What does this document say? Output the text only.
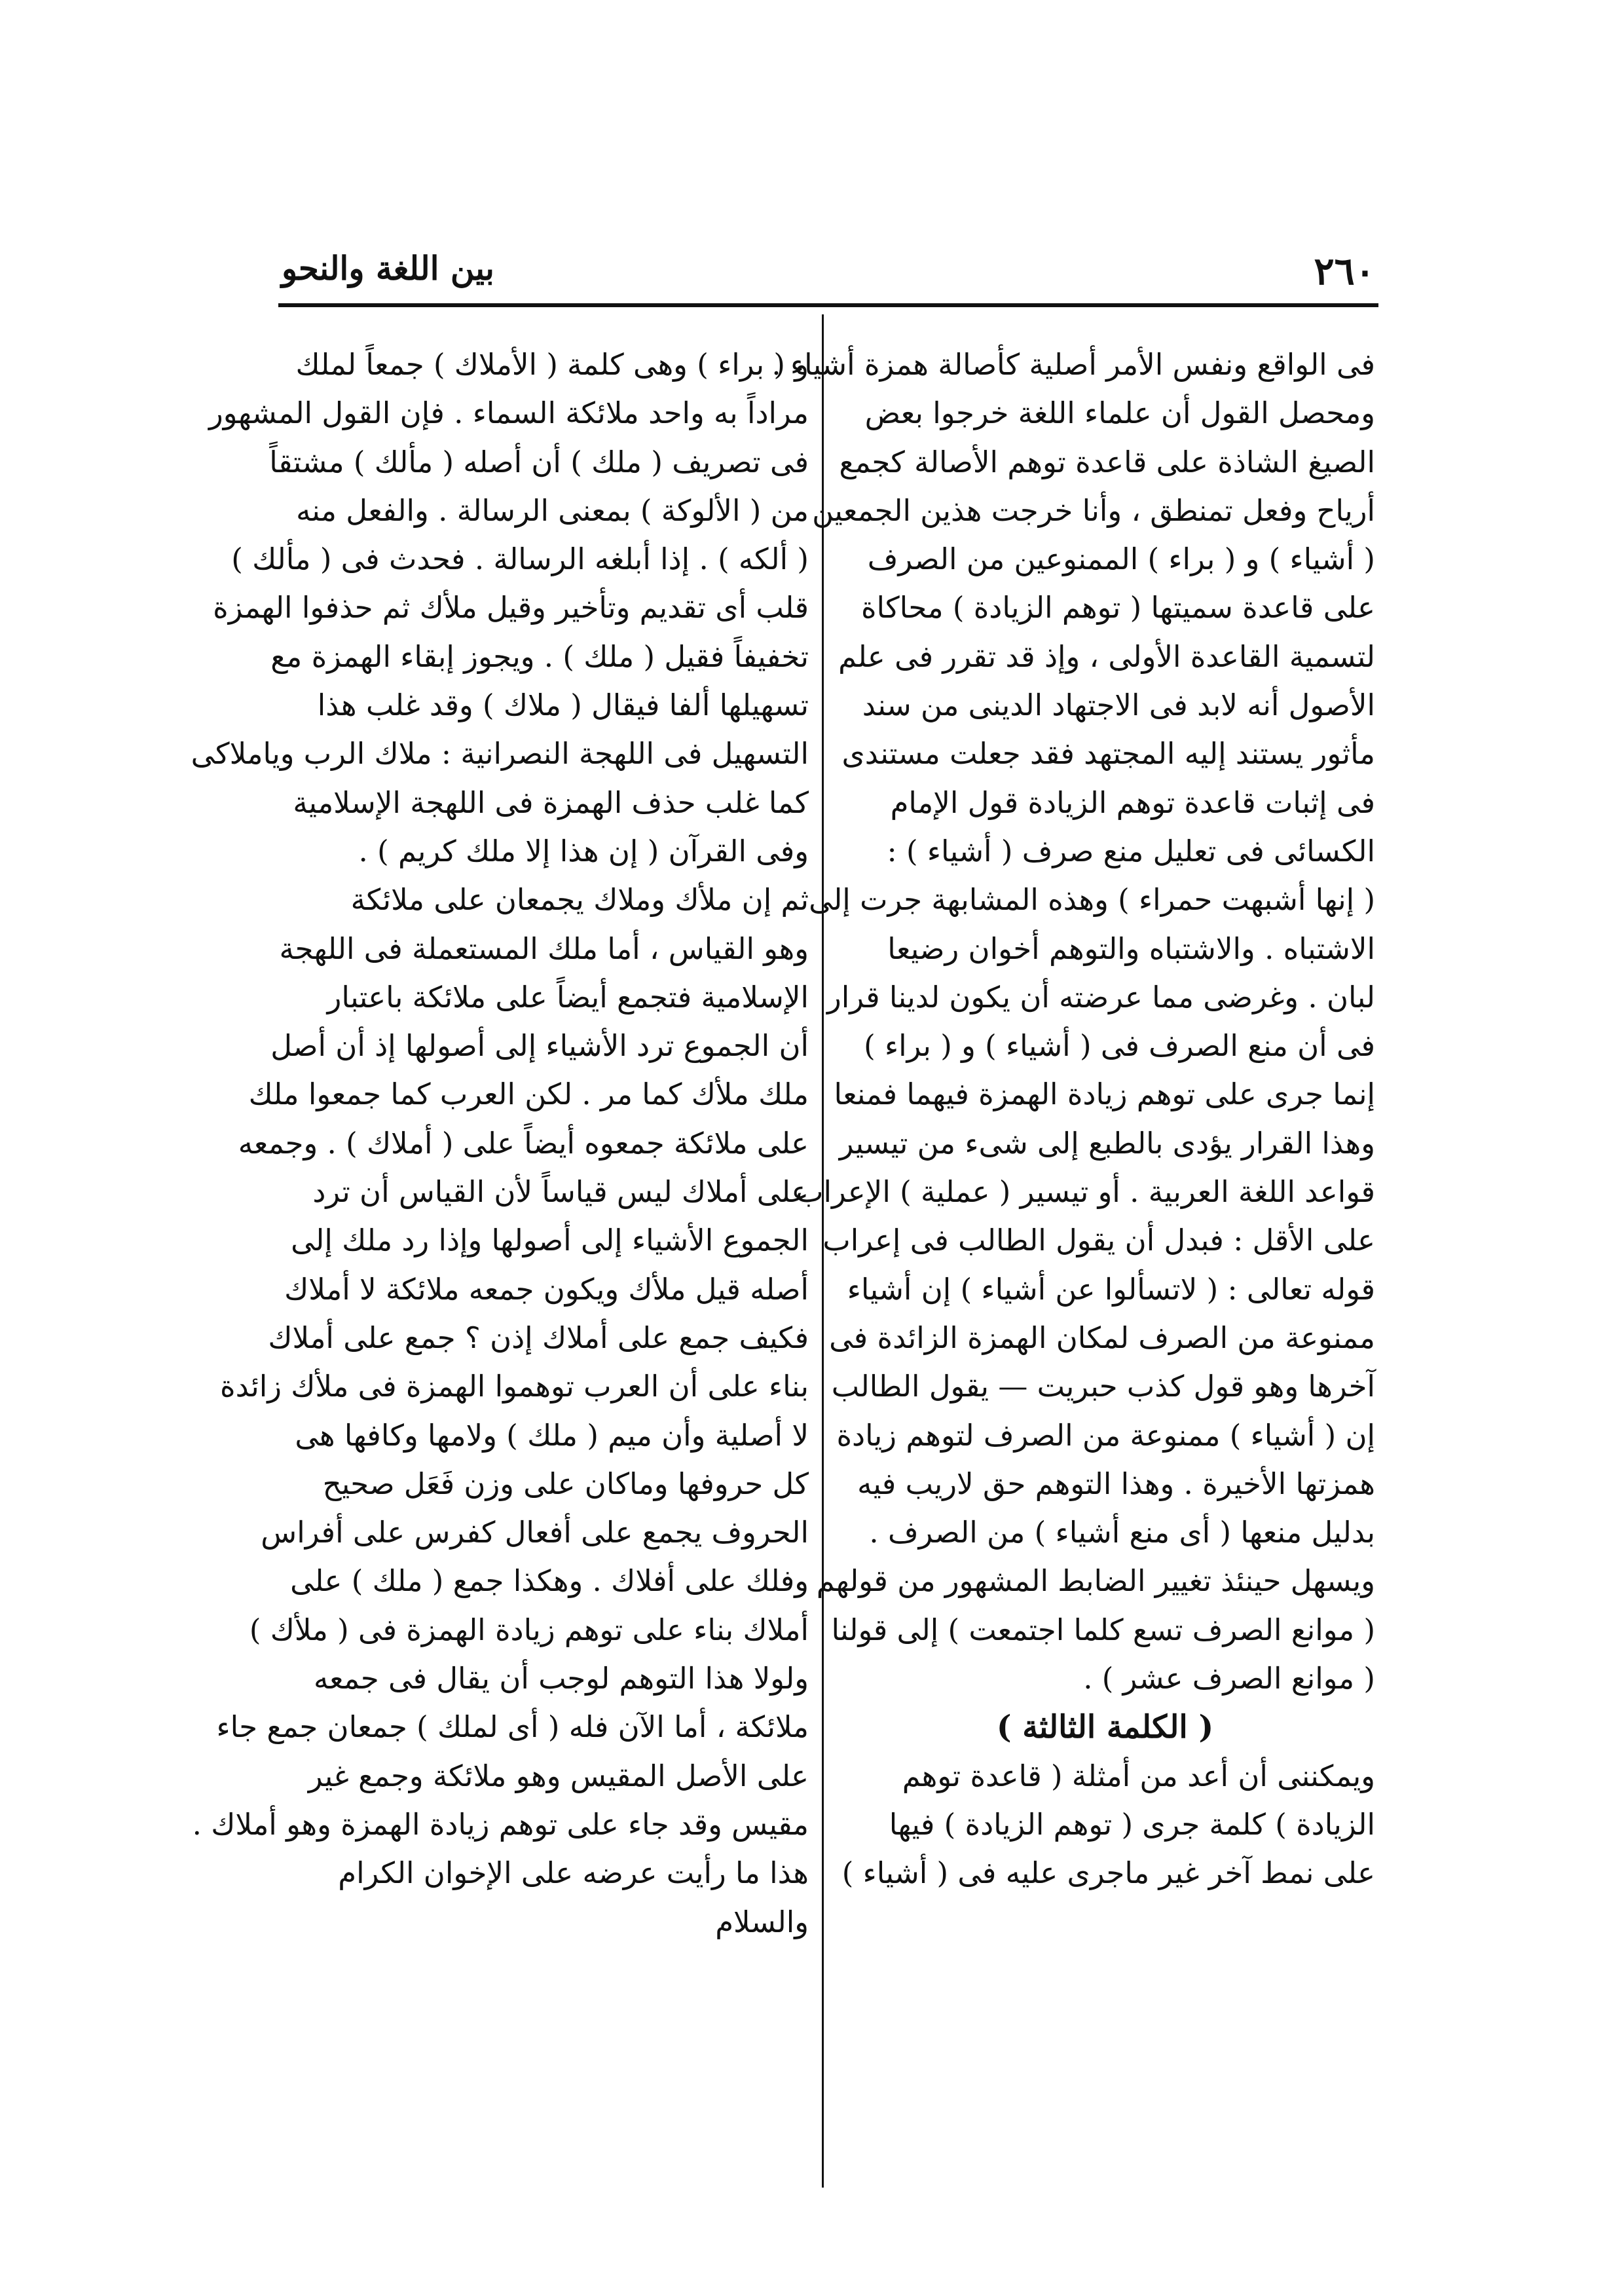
٢٦٠
بين اللغة والنحو
فى الواقع ونفس الأمر أصلية كأصالة همزة أشياء .
ومحصل القول أن علماء اللغة خرجوا بعض
الصيغ الشاذة على قاعدة توهم الأصالة كجمع
أرياح وفعل تمنطق ، وأنا خرجت هذين الجمعين
( أشياء ) و ( براء ) الممنوعين من الصرف
على قاعدة سميتها ( توهم الزيادة ) محاكاة
لتسمية القاعدة الأولى ، وإذ قد تقرر فى علم
الأصول أنه لابد فى الاجتهاد الدينى من سند
مأثور يستند إليه المجتهد فقد جعلت مستندى
فى إثبات قاعدة توهم الزيادة قول الإمام
الكسائى فى تعليل منع صرف ( أشياء ) :
( إنها أشبهت حمراء ) وهذه المشابهة جرت إلى
الاشتباه . والاشتباه والتوهم أخوان رضيعا
لبان . وغرضى مما عرضته أن يكون لدينا قرار
فى أن منع الصرف فى ( أشياء ) و ( براء )
إنما جرى على توهم زيادة الهمزة فيهما فمنعا
وهذا القرار يؤدى بالطبع إلى شىء من تيسير
قواعد اللغة العربية . أو تيسير ( عملية ) الإعراب
على الأقل : فبدل أن يقول الطالب فى إعراب
قوله تعالى : ( لاتسألوا عن أشياء ) إن أشياء
ممنوعة من الصرف لمكان الهمزة الزائدة فى
آخرها وهو قول كذب حبريت — يقول الطالب
إن ( أشياء ) ممنوعة من الصرف لتوهم زيادة
همزتها الأخيرة . وهذا التوهم حق لاريب فيه
بدليل منعها ( أى منع أشياء ) من الصرف .
ويسهل حينئذ تغيير الضابط المشهور من قولهم
( موانع الصرف تسع كلما اجتمعت ) إلى قولنا
( موانع الصرف عشر ) .
( الكلمة الثالثة )
ويمكننى أن أعد من أمثلة ( قاعدة توهم
الزيادة ) كلمة جرى ( توهم الزيادة ) فيها
على نمط آخر غير ماجرى عليه فى ( أشياء )
و ( براء ) وهى كلمة ( الأملاك ) جمعاً لملك
مراداً به واحد ملائكة السماء . فإن القول المشهور
فى تصريف ( ملك ) أن أصله ( مألك ) مشتقاً
من ( الألوكة ) بمعنى الرسالة . والفعل منه
( ألكه ) . إذا أبلغه الرسالة . فحدث فى ( مألك )
قلب أى تقديم وتأخير وقيل ملأك ثم حذفوا الهمزة
تخفيفاً فقيل ( ملك ) . ويجوز إبقاء الهمزة مع
تسهيلها ألفا فيقال ( ملاك ) وقد غلب هذا
التسهيل فى اللهجة النصرانية : ملاك الرب وياملاكى
كما غلب حذف الهمزة فى اللهجة الإسلامية
وفى القرآن ( إن هذا إلا ملك كريم ) .
ثم إن ملأك وملاك يجمعان على ملائكة
وهو القياس ، أما ملك المستعملة فى اللهجة
الإسلامية فتجمع أيضاً على ملائكة باعتبار
أن الجموع ترد الأشياء إلى أصولها إذ أن أصل
ملك ملأك كما مر . لكن العرب كما جمعوا ملك
على ملائكة جمعوه أيضاً على ( أملاك ) . وجمعه
على أملاك ليس قياساً لأن القياس أن ترد
الجموع الأشياء إلى أصولها وإذا رد ملك إلى
أصله قيل ملأك ويكون جمعه ملائكة لا أملاك
فكيف جمع على أملاك إذن ؟ جمع على أملاك
بناء على أن العرب توهموا الهمزة فى ملأك زائدة
لا أصلية وأن ميم ( ملك ) ولامها وكافها هى
كل حروفها وماكان على وزن فَعَل صحيح
الحروف يجمع على أفعال كفرس على أفراس
وفلك على أفلاك . وهكذا جمع ( ملك ) على
أملاك بناء على توهم زيادة الهمزة فى ( ملأك )
ولولا هذا التوهم لوجب أن يقال فى جمعه
ملائكة ، أما الآن فله ( أى لملك ) جمعان جمع جاء
على الأصل المقيس وهو ملائكة وجمع غير
مقيس وقد جاء على توهم زيادة الهمزة وهو أملاك .
هذا ما رأيت عرضه على الإخوان الكرام
والسلام
